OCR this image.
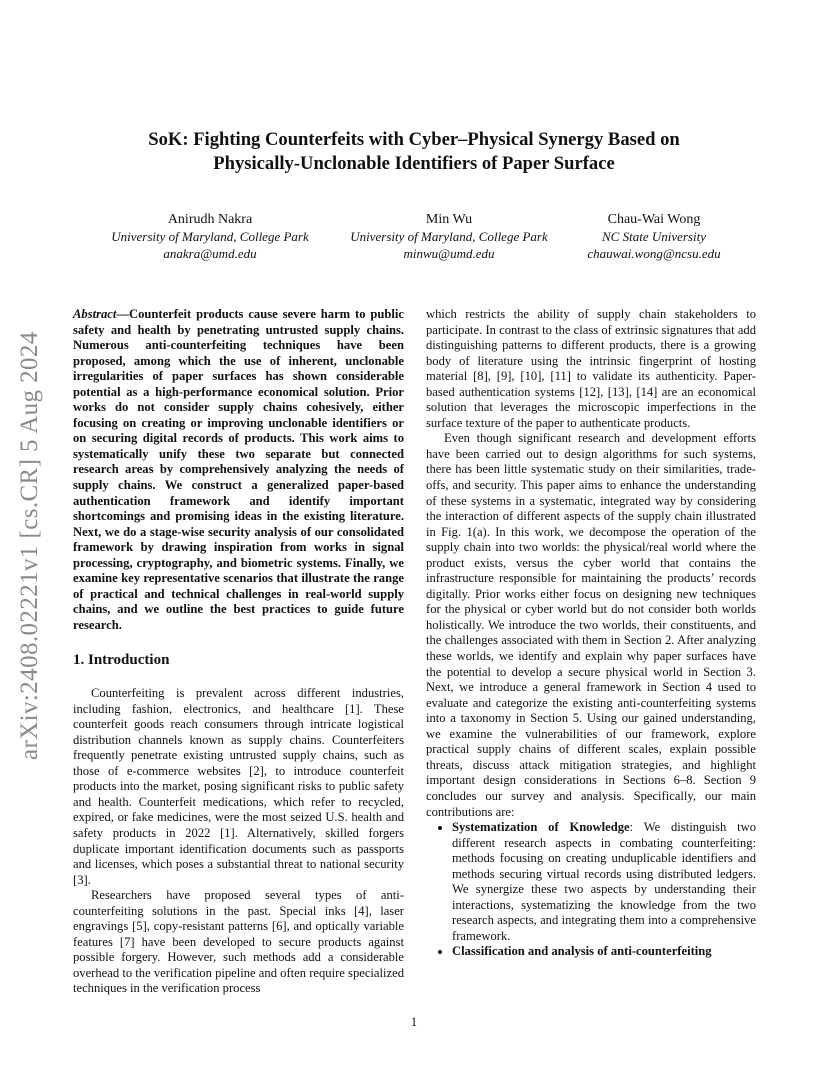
arXiv:2408.02221v1 [cs.CR] 5 Aug 2024
SoK: Fighting Counterfeits with Cyber–Physical Synergy Based on
Physically-Unclonable Identifiers of Paper Surface
Anirudh Nakra
University of Maryland, College Park
anakra@umd.edu
Min Wu
University of Maryland, College Park
minwu@umd.edu
Chau-Wai Wong
NC State University
chauwai.wong@ncsu.edu

Abstract—Counterfeit products cause severe harm to public safety and health by penetrating untrusted supply chains. Numerous anti-counterfeiting techniques have been proposed, among which the use of inherent, unclonable irregularities of paper surfaces has shown considerable potential as a high-performance economical solution. Prior works do not consider supply chains cohesively, either focusing on creating or improving unclonable identifiers or on securing digital records of products. This work aims to systematically unify these two separate but connected research areas by comprehensively analyzing the needs of supply chains. We construct a generalized paper-based authentication framework and identify important shortcomings and promising ideas in the existing literature. Next, we do a stage-wise security analysis of our consolidated framework by drawing inspiration from works in signal processing, cryptography, and biometric systems. Finally, we examine key representative scenarios that illustrate the range of practical and technical challenges in real-world supply chains, and we outline the best practices to guide future research.

1. Introduction

Counterfeiting is prevalent across different industries, including fashion, electronics, and healthcare [1]. These counterfeit goods reach consumers through intricate logistical distribution channels known as supply chains. Counterfeiters frequently penetrate existing untrusted supply chains, such as those of e-commerce websites [2], to introduce counterfeit products into the market, posing significant risks to public safety and health. Counterfeit medications, which refer to recycled, expired, or fake medicines, were the most seized U.S. health and safety products in 2022 [1]. Alternatively, skilled forgers duplicate important identification documents such as passports and licenses, which poses a substantial threat to national security [3].

Researchers have proposed several types of anti-counterfeiting solutions in the past. Special inks [4], laser engravings [5], copy-resistant patterns [6], and optically variable features [7] have been developed to secure products against possible forgery. However, such methods add a considerable overhead to the verification pipeline and often require specialized techniques in the verification process

which restricts the ability of supply chain stakeholders to participate. In contrast to the class of extrinsic signatures that add distinguishing patterns to different products, there is a growing body of literature using the intrinsic fingerprint of hosting material [8], [9], [10], [11] to validate its authenticity. Paper-based authentication systems [12], [13], [14] are an economical solution that leverages the microscopic imperfections in the surface texture of the paper to authenticate products.

Even though significant research and development efforts have been carried out to design algorithms for such systems, there has been little systematic study on their similarities, trade-offs, and security. This paper aims to enhance the understanding of these systems in a systematic, integrated way by considering the interaction of different aspects of the supply chain illustrated in Fig. 1(a). In this work, we decompose the operation of the supply chain into two worlds: the physical/real world where the product exists, versus the cyber world that contains the infrastructure responsible for maintaining the products’ records digitally. Prior works either focus on designing new techniques for the physical or cyber world but do not consider both worlds holistically. We introduce the two worlds, their constituents, and the challenges associated with them in Section 2. After analyzing these worlds, we identify and explain why paper surfaces have the potential to develop a secure physical world in Section 3. Next, we introduce a general framework in Section 4 used to evaluate and categorize the existing anti-counterfeiting systems into a taxonomy in Section 5. Using our gained understanding, we examine the vulnerabilities of our framework, explore practical supply chains of different scales, explain possible threats, discuss attack mitigation strategies, and highlight important design considerations in Sections 6–8. Section 9 concludes our survey and analysis. Specifically, our main contributions are:

• Systematization of Knowledge: We distinguish two different research aspects in combating counterfeiting: methods focusing on creating unduplicable identifiers and methods securing virtual records using distributed ledgers. We synergize these two aspects by understanding their interactions, systematizing the knowledge from the two research aspects, and integrating them into a comprehensive framework.
• Classification and analysis of anti-counterfeiting
1
